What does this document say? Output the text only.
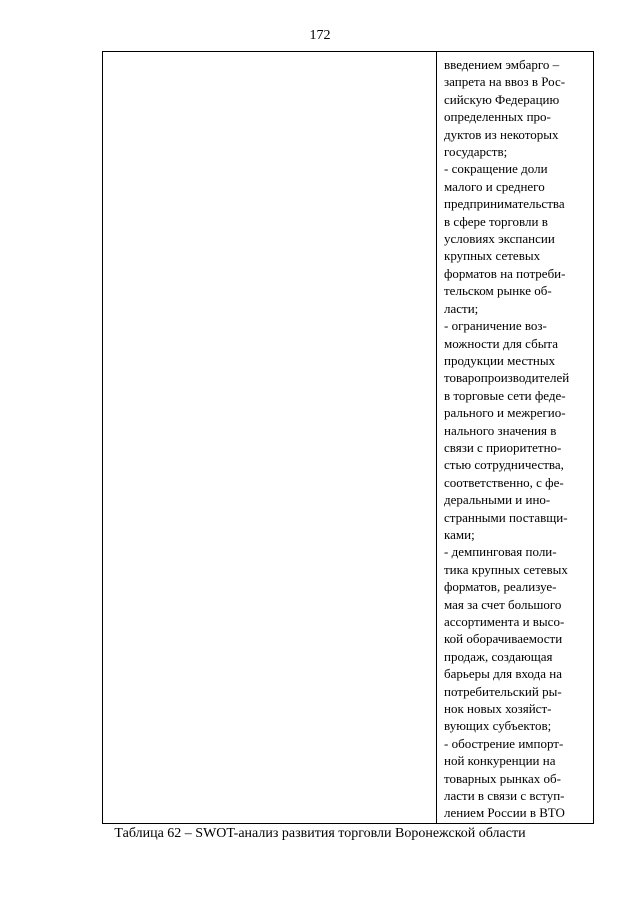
172
введением эмбарго –
запрета на ввоз в Рос-
сийскую Федерацию
определенных про-
дуктов из некоторых
государств;
- сокращение доли
малого и среднего
предпринимательства
в сфере торговли в
условиях экспансии
крупных сетевых
форматов на потреби-
тельском рынке об-
ласти;
- ограничение воз-
можности для сбыта
продукции местных
товаропроизводителей
в торговые сети феде-
рального и межрегио-
нального значения в
связи с приоритетно-
стью сотрудничества,
соответственно, с фе-
деральными и ино-
странными поставщи-
ками;
- демпинговая поли-
тика крупных сетевых
форматов, реализуе-
мая за счет большого
ассортимента и высо-
кой оборачиваемости
продаж, создающая
барьеры для входа на
потребительский ры-
нок новых хозяйст-
вующих субъектов;
- обострение импорт-
ной конкуренции на
товарных рынках об-
ласти в связи с вступ-
лением России в ВТО
Таблица 62 – SWOT-анализ развития торговли Воронежской области
